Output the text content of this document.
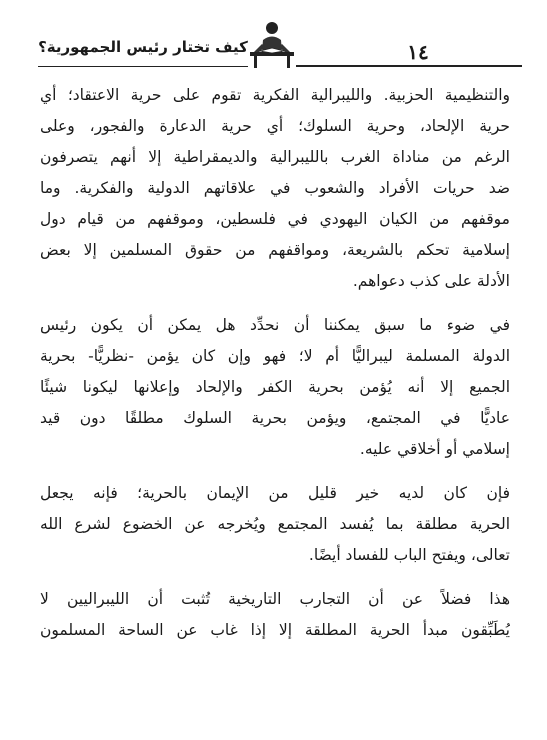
كيف تختار رئيس الجمهورية؟	١٤
والتنظيمية الحزبية. والليبرالية الفكرية تقوم على حرية الاعتقاد؛ أي
حرية الإلحاد، وحرية السلوك؛ أي حرية الدعارة والفجور، وعلى
الرغم من مناداة الغرب بالليبرالية والديمقراطية إلا أنهم يتصرفون
ضد حريات الأفراد والشعوب في علاقاتهم الدولية والفكرية. وما
موقفهم من الكيان اليهودي في فلسطين، وموقفهم من قيام دول
إسلامية تحكم بالشريعة، ومواقفهم من حقوق المسلمين إلا بعض
الأدلة على كذب دعواهم.
في ضوء ما سبق يمكننا أن نحدِّد هل يمكن أن يكون رئيس
الدولة المسلمة ليبراليًّا أم لا؛ فهو وإن كان يؤمن -نظريًّا- بحرية
الجميع إلا أنه يُؤمن بحرية الكفر والإلحاد وإعلانها ليكونا شيئًا
عاديًّا في المجتمع، ويؤمن بحرية السلوك مطلقًا دون قيد
إسلامي أو أخلاقي عليه.
فإن كان لديه خير قليل من الإيمان بالحرية؛ فإنه يجعل
الحرية مطلقة بما يُفسد المجتمع ويُخرجه عن الخضوع لشرع الله
تعالى، ويفتح الباب للفساد أيضًا.
هذا فضلاً عن أن التجارب التاريخية تُثبت أن الليبراليين لا
يُطَبِّقون مبدأ الحرية المطلقة إلا إذا غاب عن الساحة المسلمون
